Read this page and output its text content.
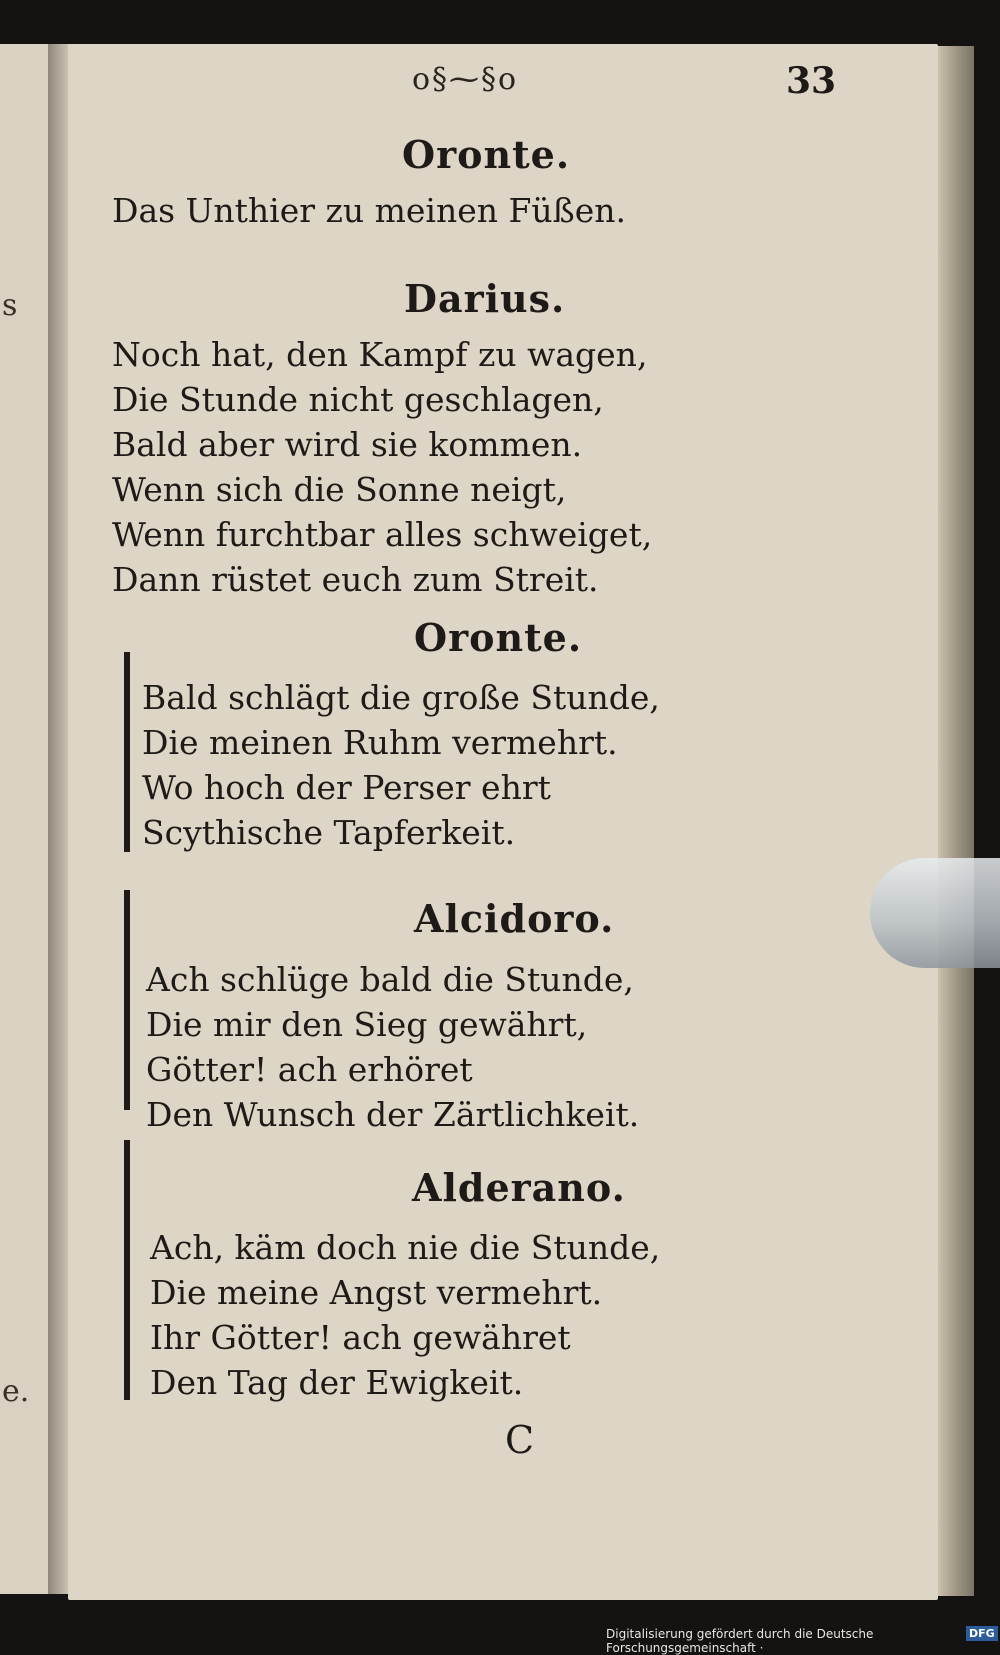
s
e.
o§⁓§o	33
Oronte.
Das Unthier zu meinen Füßen.
Darius.
Noch hat, den Kampf zu wagen,
Die Stunde nicht geschlagen,
Bald aber wird sie kommen.
Wenn sich die Sonne neigt,
Wenn furchtbar alles schweiget,
Dann rüstet euch zum Streit.
Oronte.
Bald schlägt die große Stunde,
Die meinen Ruhm vermehrt.
Wo hoch der Perser ehrt
Scythische Tapferkeit.
Alcidoro.
Ach schlüge bald die Stunde,
Die mir den Sieg gewährt,
Götter! ach erhöret
Den Wunsch der Zärtlichkeit.
Alderano.
Ach, käm doch nie die Stunde,
Die meine Angst vermehrt.
Ihr Götter! ach gewähret
Den Tag der Ewigkeit.
C
Digitalisierung gefördert durch die Deutsche Forschungsgemeinschaft ·
DFG
